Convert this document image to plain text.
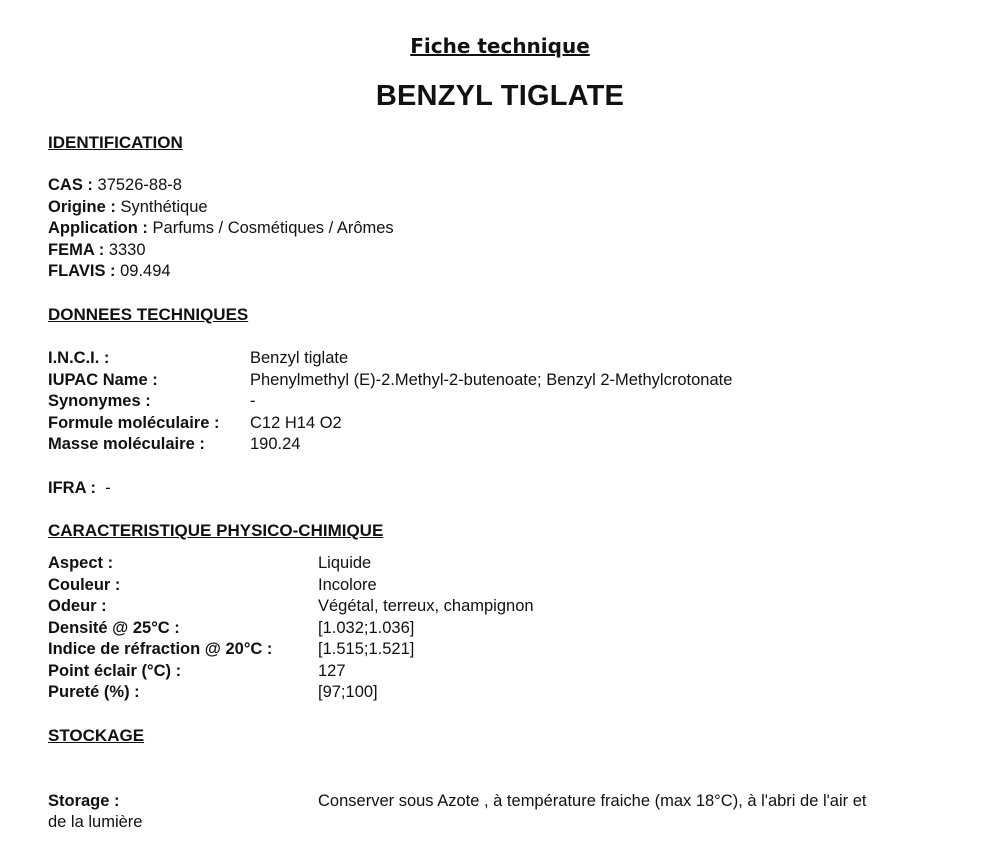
Fiche technique
BENZYL TIGLATE
IDENTIFICATION
CAS : 37526-88-8
Origine : Synthétique
Application : Parfums / Cosmétiques / Arômes
FEMA : 3330
FLAVIS : 09.494
DONNEES TECHNIQUES
I.N.C.I. :	Benzyl tiglate
IUPAC Name :	Phenylmethyl (E)-2.Methyl-2-butenoate; Benzyl 2-Methylcrotonate
Synonymes :	-
Formule moléculaire : C12 H14 O2
Masse moléculaire :	190.24
IFRA : -
CARACTERISTIQUE PHYSICO-CHIMIQUE
Aspect :	Liquide
Couleur :	Incolore
Odeur :	Végétal, terreux, champignon
Densité @ 25°C :	[1.032;1.036]
Indice de réfraction @ 20°C :	[1.515;1.521]
Point éclair (°C) :	127
Pureté (%) :	[97;100]
STOCKAGE
Storage :	Conserver sous Azote , à température fraiche (max 18°C), à l'abri de l'air et
de la lumière
